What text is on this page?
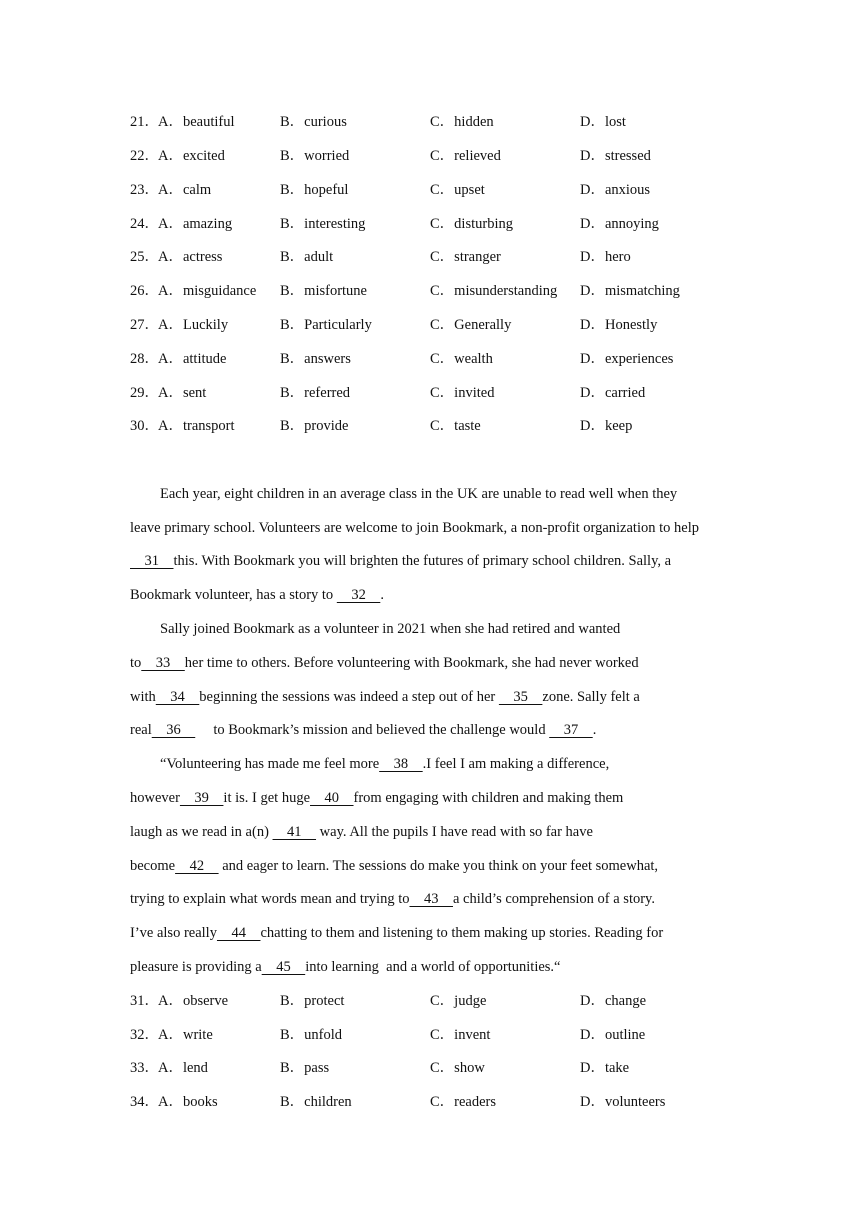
21． A．beautiful	B．curious	C．hidden	D．lost
22． A．excited	B．worried	C．relieved	D．stressed
23． A．calm	B．hopeful	C．upset	D．anxious
24． A．amazing	B．interesting	C．disturbing	D．annoying
25． A．actress	B．adult	C．stranger	D．hero
26． A．misguidance B．misfortune	C．misunderstanding D．mismatching
27． A．Luckily	B．Particularly	C．Generally	D．Honestly
28． A．attitude	B．answers	C．wealth	D．experiences
29． A．sent	B．referred	C．invited	D．carried
30． A．transport	B．provide	C．taste	D．keep
Each year, eight children in an average class in the UK are unable to read well when they
leave primary school. Volunteers are welcome to join Bookmark, a non-profit organization to help
31    this. With Bookmark you will brighten the futures of primary school children. Sally, a
Bookmark volunteer, has a story to     32    .
Sally joined Bookmark as a volunteer in 2021 when she had retired and wanted
to    33    her time to others. Before volunteering with Bookmark, she had never worked
with    34    beginning the sessions was indeed a step out of her     35    zone. Sally felt a
real    36         to Bookmark’s mission and believed the challenge would     37    .
“Volunteering has made me feel more    38    .I feel I am making a difference,
however    39    it is. I get huge    40    from engaging with children and making them
laugh as we read in a(n)     41     way. All the pupils I have read with so far have
become    42     and eager to learn. The sessions do make you think on your feet somewhat,
trying to explain what words mean and trying to    43    a child’s comprehension of a story.
I’ve also really    44    chatting to them and listening to them making up stories. Reading for
pleasure is providing a    45    into learning  and a world of opportunities.“
31． A．observe	B．protect	C．judge	D．change
32． A．write	B．unfold	C．invent	D．outline
33． A．lend	B．pass	C．show	D．take
34． A．books	B．children	C．readers	D．volunteers
